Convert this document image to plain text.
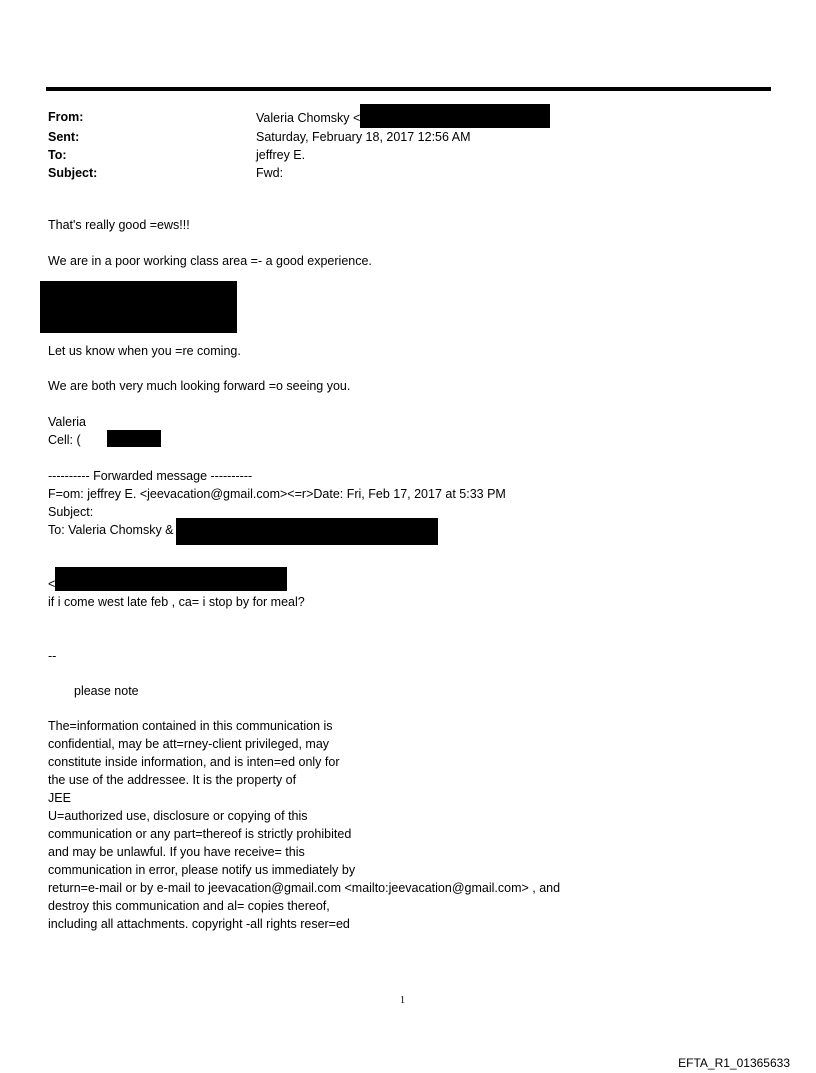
From:	Valeria Chomsky <
Sent:	Saturday, February 18, 2017 12:56 AM
To:	jeffrey E.
Subject:	Fwd:
That's really good =ews!!!
We are in a poor working class area =- a good experience.
Let us know when you =re coming.
We are both very much looking forward =o seeing you.
Valeria
Cell: (
---------- Forwarded message ----------
F=om: jeffrey E. <jeevacation@gmail.com><=r>Date: Fri, Feb 17, 2017 at 5:33 PM
Subject:
To: Valeria Chomsky &
<
if i come west late feb , ca= i stop by for meal?
--
please note
The=information contained in this communication is
confidential, may be att=rney-client privileged, may
constitute inside information, and is inten=ed only for
the use of the addressee. It is the property of
JEE
U=authorized use, disclosure or copying of this
communication or any part=thereof is strictly prohibited
and may be unlawful. If you have receive= this
communication in error, please notify us immediately by
return=e-mail or by e-mail to jeevacation@gmail.com <mailto:jeevacation@gmail.com> , and
destroy this communication and al= copies thereof,
including all attachments. copyright -all rights reser=ed
1
EFTA_R1_01365633
